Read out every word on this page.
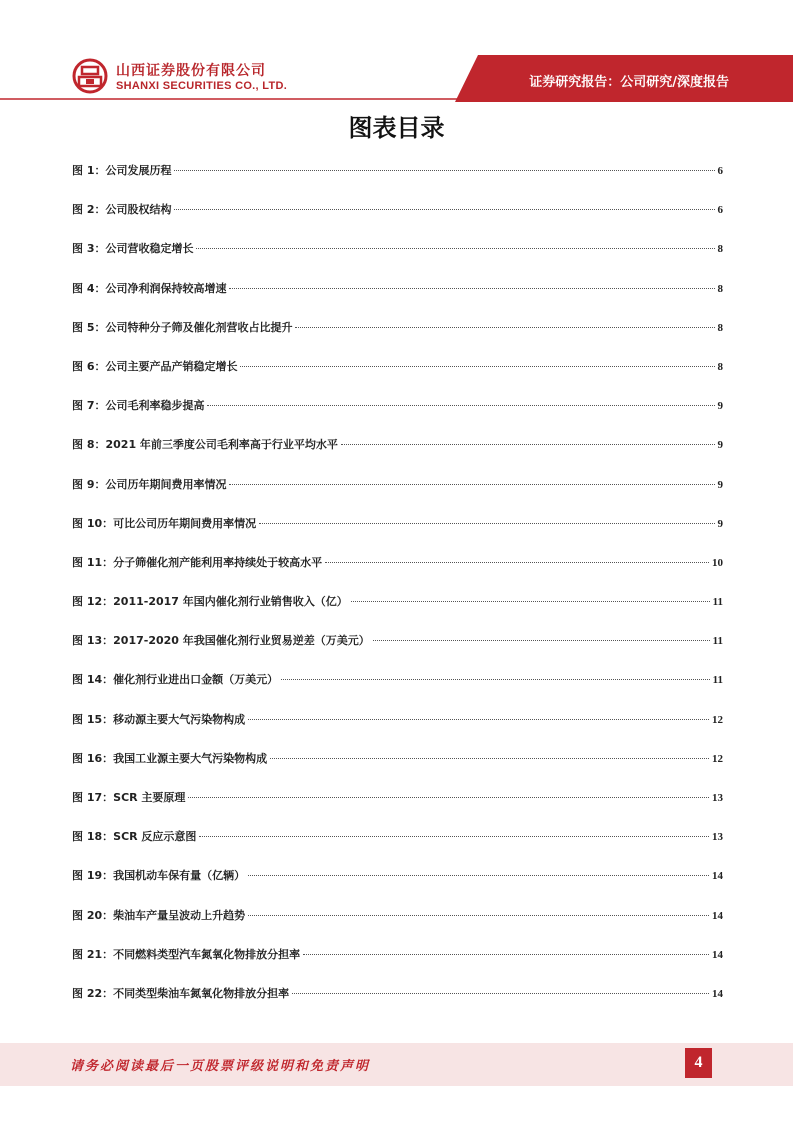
山西证券股份有限公司
SHANXI SECURITIES CO., LTD.	证券研究报告：公司研究/深度报告
图表目录
图 1： 公司发展历程	6
图 2： 公司股权结构	6
图 3： 公司营收稳定增长	8
图 4： 公司净利润保持较高增速	8
图 5： 公司特种分子筛及催化剂营收占比提升	8
图 6： 公司主要产品产销稳定增长	8
图 7： 公司毛利率稳步提高	9
图 8： 2021 年前三季度公司毛利率高于行业平均水平	9
图 9： 公司历年期间费用率情况	9
图 10： 可比公司历年期间费用率情况	9
图 11： 分子筛催化剂产能利用率持续处于较高水平	10
图 12： 2011-2017 年国内催化剂行业销售收入（亿）	11
图 13： 2017-2020 年我国催化剂行业贸易逆差（万美元）	11
图 14： 催化剂行业进出口金额（万美元）	11
图 15： 移动源主要大气污染物构成	12
图 16： 我国工业源主要大气污染物构成	12
图 17： SCR 主要原理	13
图 18： SCR 反应示意图	13
图 19： 我国机动车保有量（亿辆）	14
图 20： 柴油车产量呈波动上升趋势	14
图 21： 不同燃料类型汽车氮氧化物排放分担率	14
图 22： 不同类型柴油车氮氧化物排放分担率	14
请务必阅读最后一页股票评级说明和免责声明	4
